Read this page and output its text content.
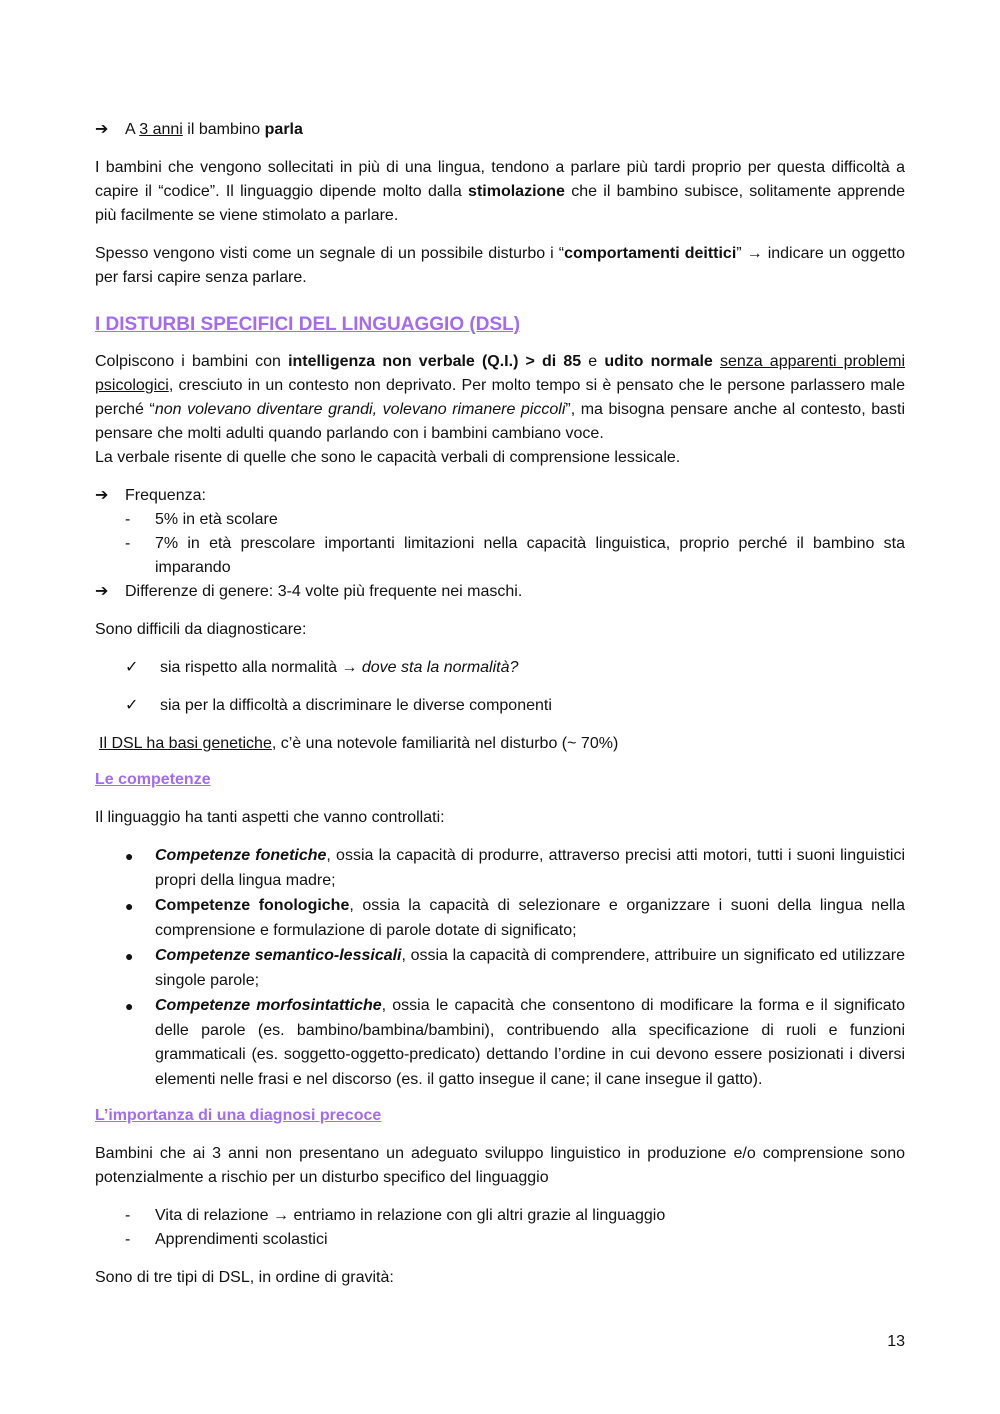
➔	A 3 anni il bambino parla

I bambini che vengono sollecitati in più di una lingua, tendono a parlare più tardi proprio per questa difficoltà a capire il “codice”. Il linguaggio dipende molto dalla stimolazione che il bambino subisce, solitamente apprende più facilmente se viene stimolato a parlare.

Spesso vengono visti come un segnale di un possibile disturbo i “comportamenti deittici” → indicare un oggetto per farsi capire senza parlare.

I DISTURBI SPECIFICI DEL LINGUAGGIO (DSL)

Colpiscono i bambini con intelligenza non verbale (Q.I.) > di 85 e udito normale senza apparenti problemi psicologici, cresciuto in un contesto non deprivato. Per molto tempo si è pensato che le persone parlassero male perché “non volevano diventare grandi, volevano rimanere piccoli”, ma bisogna pensare anche al contesto, basti pensare che molti adulti quando parlando con i bambini cambiano voce.

La verbale risente di quelle che sono le capacità verbali di comprensione lessicale.

➔	Frequenza:
-	5% in età scolare
-	7% in età prescolare importanti limitazioni nella capacità linguistica, proprio perché il bambino sta imparando
➔	Differenze di genere: 3-4 volte più frequente nei maschi.

Sono difficili da diagnosticare:

✓	sia rispetto alla normalità → dove sta la normalità?
✓	sia per la difficoltà a discriminare le diverse componenti

Il DSL ha basi genetiche, c’è una notevole familiarità nel disturbo (~ 70%)

Le competenze

Il linguaggio ha tanti aspetti che vanno controllati:

●	Competenze fonetiche, ossia la capacità di produrre, attraverso precisi atti motori, tutti i suoni linguistici propri della lingua madre;
●	Competenze fonologiche, ossia la capacità di selezionare e organizzare i suoni della lingua nella comprensione e formulazione di parole dotate di significato;
●	Competenze semantico-lessicali, ossia la capacità di comprendere, attribuire un significato ed utilizzare singole parole;
●	Competenze morfosintattiche, ossia le capacità che consentono di modificare la forma e il significato delle parole (es. bambino/bambina/bambini), contribuendo alla specificazione di ruoli e funzioni grammaticali (es. soggetto-oggetto-predicato) dettando l’ordine in cui devono essere posizionati i diversi elementi nelle frasi e nel discorso (es. il gatto insegue il cane; il cane insegue il gatto).
L’importanza di una diagnosi precoce

Bambini che ai 3 anni non presentano un adeguato sviluppo linguistico in produzione e/o comprensione sono potenzialmente a rischio per un disturbo specifico del linguaggio

-	Vita di relazione → entriamo in relazione con gli altri grazie al linguaggio
-	Apprendimenti scolastici

Sono di tre tipi di DSL, in ordine di gravità:

13
